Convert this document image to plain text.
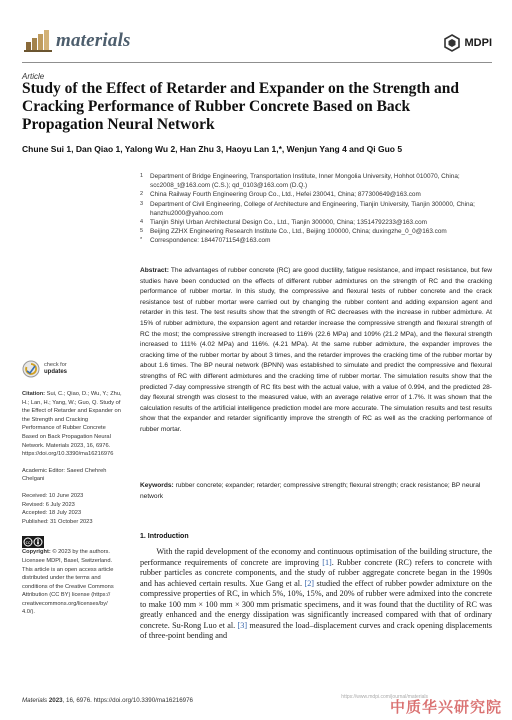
materials	MDPI
Article
Study of the Effect of Retarder and Expander on the Strength and Cracking Performance of Rubber Concrete Based on Back Propagation Neural Network
Chune Sui 1, Dan Qiao 1, Yalong Wu 2, Han Zhu 3, Haoyu Lan 1,*, Wenjun Yang 4 and Qi Guo 5
1	Department of Bridge Engineering, Transportation Institute, Inner Mongolia University, Hohhot 010070, China; scc2008_t@163.com (C.S.); qd_0103@163.com (D.Q.)
2	China Railway Fourth Engineering Group Co., Ltd., Hefei 230041, China; 877300649@163.com
3	Department of Civil Engineering, College of Architecture and Engineering, Tianjin University, Tianjin 300000, China; hanzhu2000@yahoo.com
4	Tianjin Shiyi Urban Architectural Design Co., Ltd., Tianjin 300000, China; 13514792233@163.com
5	Beijing ZZHX Engineering Research Institute Co., Ltd., Beijing 100000, China; duxingzhe_0_0@163.com
*	Correspondence: 18447071154@163.com
Abstract: The advantages of rubber concrete (RC) are good ductility, fatigue resistance, and impact resistance, but few studies have been conducted on the effects of different rubber admixtures on the strength of RC and the cracking performance of rubber mortar. In this study, the compressive and flexural tests of rubber concrete and the crack resistance test of rubber mortar were carried out by changing the rubber content and adding expansion agent and retarder in this test. The test results show that the strength of RC decreases with the increase in rubber admixture. At 15% of rubber admixture, the expansion agent and retarder increase the compressive strength and flexural strength of RC the most; the compressive strength increased to 116% (22.6 MPa) and 109% (21.2 MPa), and the flexural strength increased to 111% (4.02 MPa) and 116%. (4.21 MPa). At the same rubber admixture, the expander improves the cracking time of the rubber mortar by about 3 times, and the retarder improves the cracking time of the rubber mortar by about 1.6 times. The BP neural network (BPNN) was established to simulate and predict the compressive and flexural strengths of RC with different admixtures and the cracking time of rubber mortar. The simulation results show that the predicted 7-day compressive strength of RC fits best with the actual value, with a value of 0.994, and the predicted 28-day flexural strength was closest to the measured value, with an average relative error of 1.7%. It was shown that the calculation results of the artificial intelligence prediction model are more accurate. The simulation results and test results show that the expander and retarder significantly improve the strength of RC as well as the cracking performance of rubber mortar.
Keywords: rubber concrete; expander; retarder; compressive strength; flexural strength; crack resistance; BP neural network
check for
updates

Citation: Sui, C.; Qiao, D.; Wu, Y.; Zhu, H.; Lan, H.; Yang, W.; Guo, Q. Study of the Effect of Retarder and Expander on the Strength and Cracking Performance of Rubber Concrete Based on Back Propagation Neural Network. Materials 2023, 16, 6976. https://doi.org/10.3390/ma16216976

Academic Editor: Saeed Chehreh Chelgani

Received: 10 June 2023

Revised: 6 July 2023

Accepted: 18 July 2023

Published: 31 October 2023

cc

Copyright: © 2023 by the authors. Licensee MDPI, Basel, Switzerland. This article is an open access article distributed under the terms and conditions of the Creative Commons Attribution (CC BY) license (https:// creativecommons.org/licenses/by/ 4.0/).

1. Introduction
  With the rapid development of the economy and continuous optimisation of the building structure, the performance requirements of concrete are improving [1]. Rubber concrete (RC) refers to concrete with rubber particles as concrete components, and the study of rubber aggregate concrete began in the 1990s and has achieved certain results. Xue Gang et al. [2] studied the effect of rubber powder admixture on the compressive properties of RC, in which 5%, 10%, 15%, and 20% of rubber were admixed into the concrete to make 100 mm × 100 mm × 300 mm prismatic specimens, and it was found that the ductility of RC was greatly enhanced and the energy dissipation was significantly increased compared with that of ordinary concrete. Su-Rong Luo et al. [3] measured the load–displacement curves and crack opening displacements of three-point bending and
Materials 2023, 16, 6976. https://doi.org/10.3390/ma16216976	https://www.mdpi.com/journal/materials
中质华兴研究院
